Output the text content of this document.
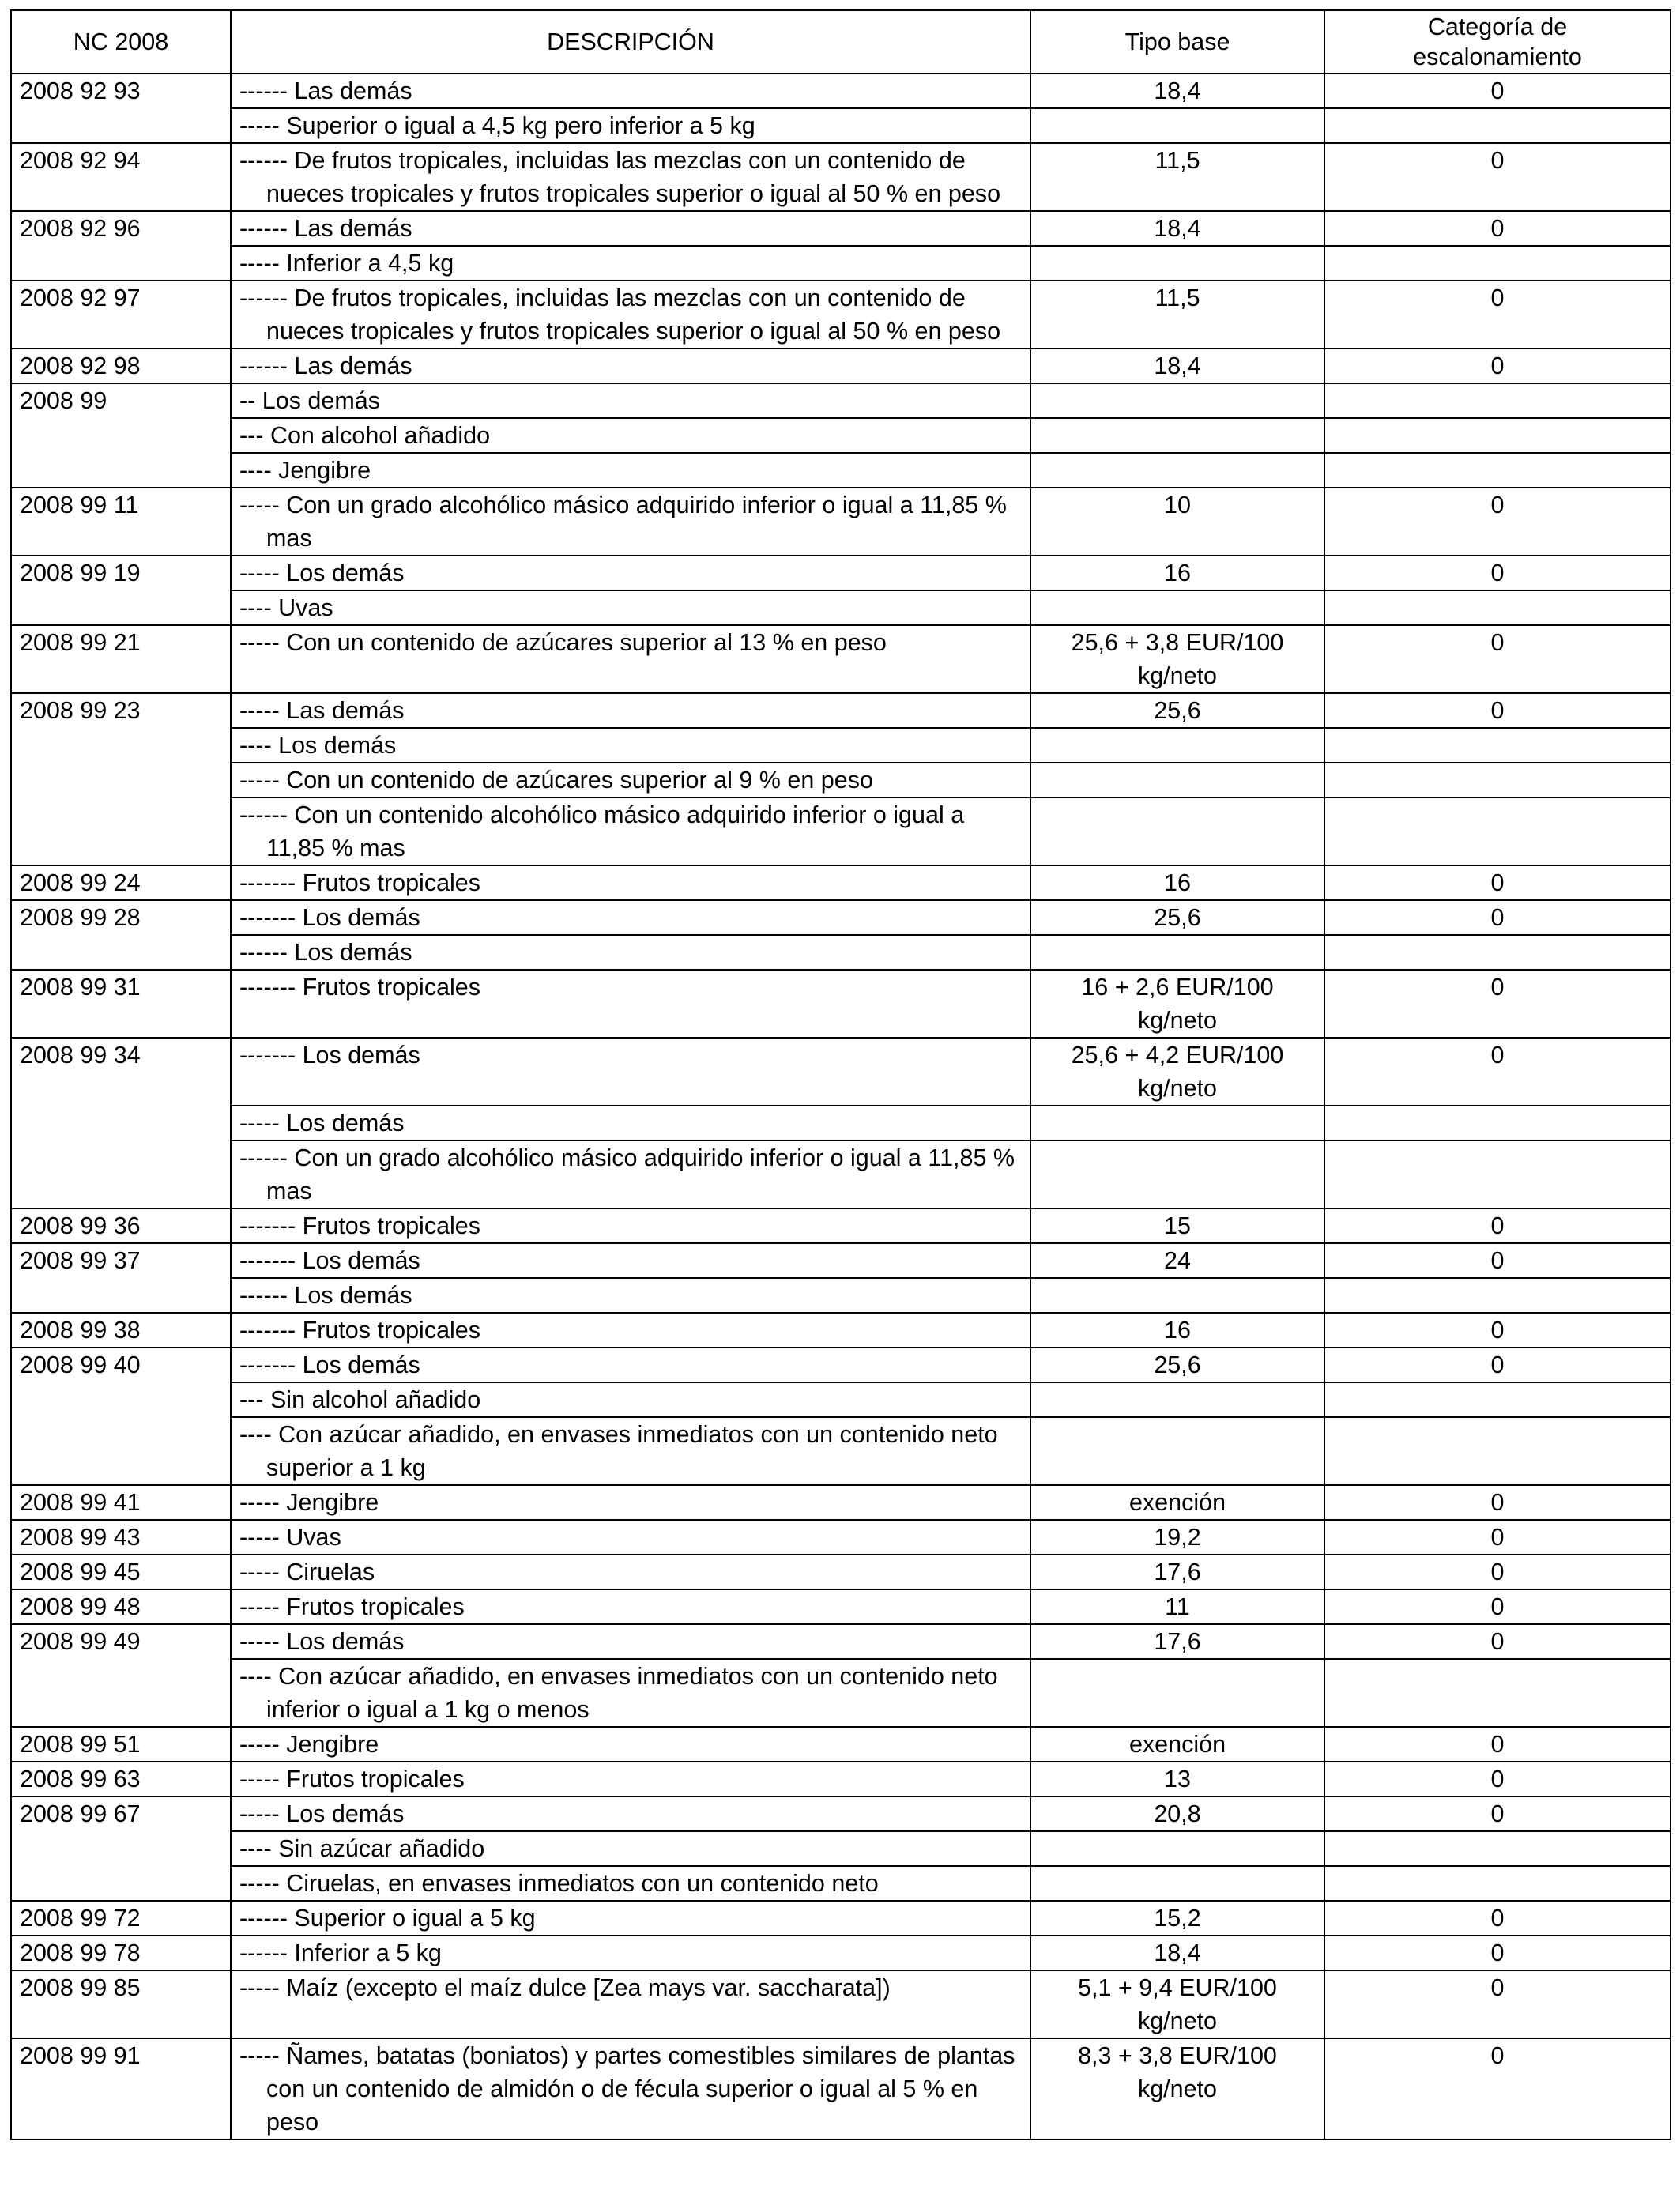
NC 2008	DESCRIPCIÓN	Tipo base	Categoría de
escalonamiento

2008 92 93	------ Las demás	18,4	0

	----- Superior o igual a 4,5 kg pero inferior a 5 kg		

2008 92 94	------ De frutos tropicales, incluidas las mezclas con un contenido de nueces tropicales y frutos tropicales superior o igual al 50 % en peso	11,5	0
2008 92 96	------ Las demás	18,4	0

	----- Inferior a 4,5 kg		

2008 92 97	------ De frutos tropicales, incluidas las mezclas con un contenido de nueces tropicales y frutos tropicales superior o igual al 50 % en peso	11,5	0
2008 92 98	------ Las demás	18,4	0
2008 99	-- Los demás		

	--- Con alcohol añadido		

	---- Jengibre		

2008 99 11	----- Con un grado alcohólico másico adquirido inferior o igual a 11,85 % mas	10	0
2008 99 19	----- Los demás	16	0

	---- Uvas		

2008 99 21	----- Con un contenido de azúcares superior al 13 % en peso	25,6 + 3,8 EUR/100 kg/neto	0
2008 99 23	----- Las demás	25,6	0

	---- Los demás		

	----- Con un contenido de azúcares superior al 9 % en peso		

	------ Con un contenido alcohólico másico adquirido inferior o igual a 11,85 % mas		

2008 99 24	------- Frutos tropicales	16	0
2008 99 28	------- Los demás	25,6	0

	------ Los demás		

2008 99 31	------- Frutos tropicales	16 + 2,6 EUR/100 kg/neto	0
2008 99 34	------- Los demás	25,6 + 4,2 EUR/100 kg/neto	0

	----- Los demás		

	------ Con un grado alcohólico másico adquirido inferior o igual a 11,85 % mas		

2008 99 36	------- Frutos tropicales	15	0
2008 99 37	------- Los demás	24	0

	------ Los demás		

2008 99 38	------- Frutos tropicales	16	0
2008 99 40	------- Los demás	25,6	0

	--- Sin alcohol añadido		

	---- Con azúcar añadido, en envases inmediatos con un contenido neto superior a 1 kg		

2008 99 41	----- Jengibre	exención	0
2008 99 43	----- Uvas	19,2	0
2008 99 45	----- Ciruelas	17,6	0
2008 99 48	----- Frutos tropicales	11	0
2008 99 49	----- Los demás	17,6	0

	---- Con azúcar añadido, en envases inmediatos con un contenido neto inferior o igual a 1 kg o menos		

2008 99 51	----- Jengibre	exención	0
2008 99 63	----- Frutos tropicales	13	0
2008 99 67	----- Los demás	20,8	0

	---- Sin azúcar añadido		

	----- Ciruelas, en envases inmediatos con un contenido neto		

2008 99 72	------ Superior o igual a 5 kg	15,2	0
2008 99 78	------ Inferior a 5 kg	18,4	0
2008 99 85	----- Maíz (excepto el maíz dulce [Zea mays var. saccharata])	5,1 + 9,4 EUR/100 kg/neto	0
2008 99 91	----- Ñames, batatas (boniatos) y partes comestibles similares de plantas con un contenido de almidón o de fécula superior o igual al 5 % en peso	8,3 + 3,8 EUR/100 kg/neto	0
